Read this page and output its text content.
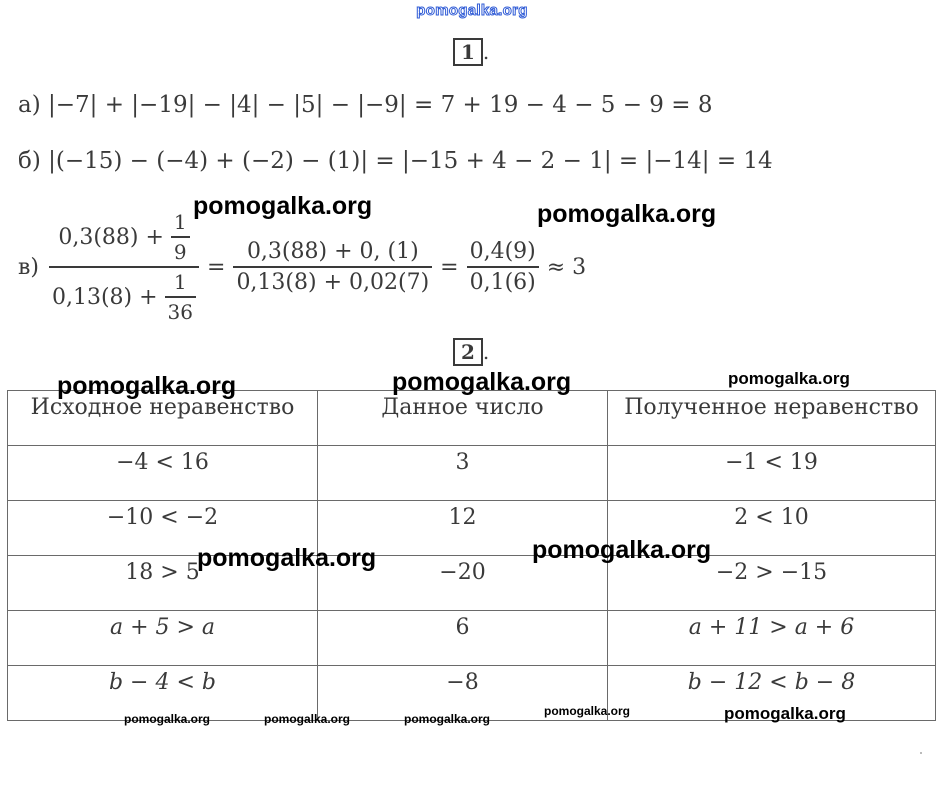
pomogalka.org
1 .
а) |−7| + |−19| − |4| − |5| − |−9| = 7 + 19 − 4 − 5 − 9 = 8
б) |(−15) − (−4) + (−2) − (1)| = |−15 + 4 − 2 − 1| = |−14| = 14
$в) \frac{0,3(88) + \frac{1}{9}}{0,13(8) + \frac{1}{36}} = \frac{0,3(88) + 0, (1)}{0,13(8) + 0,02(7)} = \frac{0,4(9)}{0,1(6)} \approx 3$
2 .
Исходное неравенство	Данное число	Полученное неравенство
−4 < 16	3	−1 < 19
−10 < −2	12	2 < 10
18 > 5	−20	−2 > −15
a + 5 > a	6	a + 11 > a + 6
b − 4 < b	−8	b − 12 < b − 8
pomogalka.org	pomogalka.org
pomogalka.org	pomogalka.org	pomogalka.org
pomogalka.org	pomogalka.org
pomogalka.org	pomogalka.org	pomogalka.org
pomogalka.org	pomogalka.org
